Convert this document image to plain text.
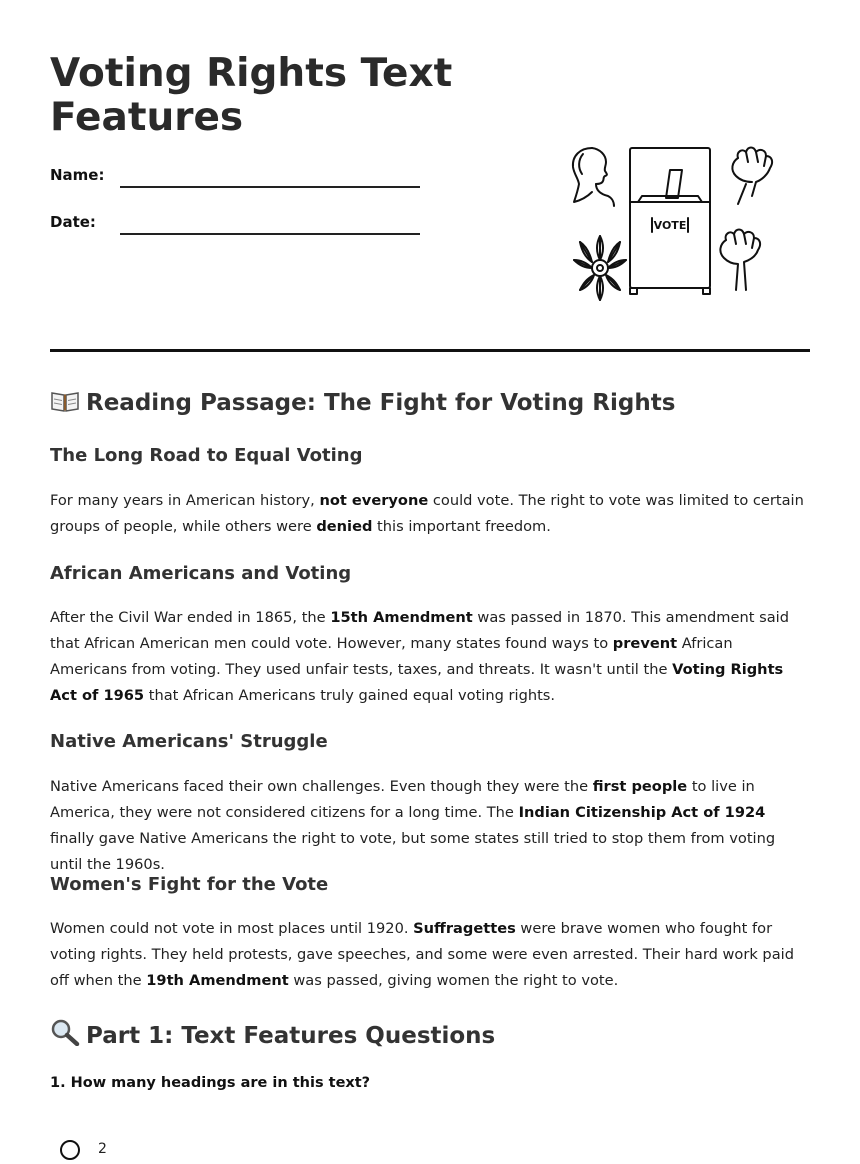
Voting Rights Text Features
Name:
Date:	VOTE
Reading Passage: The Fight for Voting Rights
The Long Road to Equal Voting

For many years in American history, not everyone could vote. The right to vote was limited to certain groups of people, while others were denied this important freedom.

African Americans and Voting

After the Civil War ended in 1865, the 15th Amendment was passed in 1870. This amendment said that African American men could vote. However, many states found ways to prevent African Americans from voting. They used unfair tests, taxes, and threats. It wasn't until the Voting Rights Act of 1965 that African Americans truly gained equal voting rights.

Native Americans' Struggle

Native Americans faced their own challenges. Even though they were the first people to live in America, they were not considered citizens for a long time. The Indian Citizenship Act of 1924 finally gave Native Americans the right to vote, but some states still tried to stop them from voting until the 1960s.

Women's Fight for the Vote

Women could not vote in most places until 1920. Suffragettes were brave women who fought for voting rights. They held protests, gave speeches, and some were even arrested. Their hard work paid off when the 19th Amendment was passed, giving women the right to vote.

Part 1: Text Features Questions

1. How many headings are in this text?

2
